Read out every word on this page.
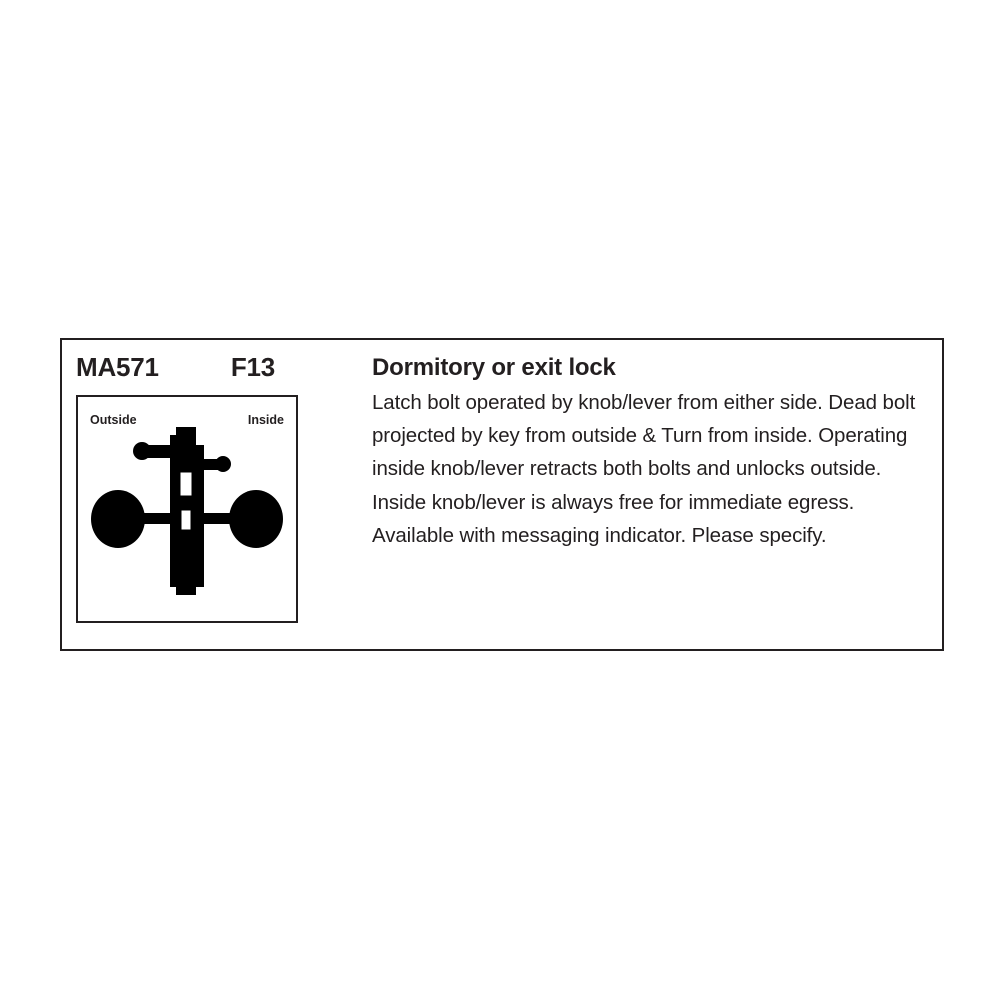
MA571	F13
Outside	Inside
Dormitory or exit lock

Latch bolt operated by knob/lever from either side. Dead bolt projected by key from outside & Turn from inside. Operating inside knob/lever retracts both bolts and unlocks outside. Inside knob/lever is always free for immediate egress. Available with messaging indicator. Please specify.
